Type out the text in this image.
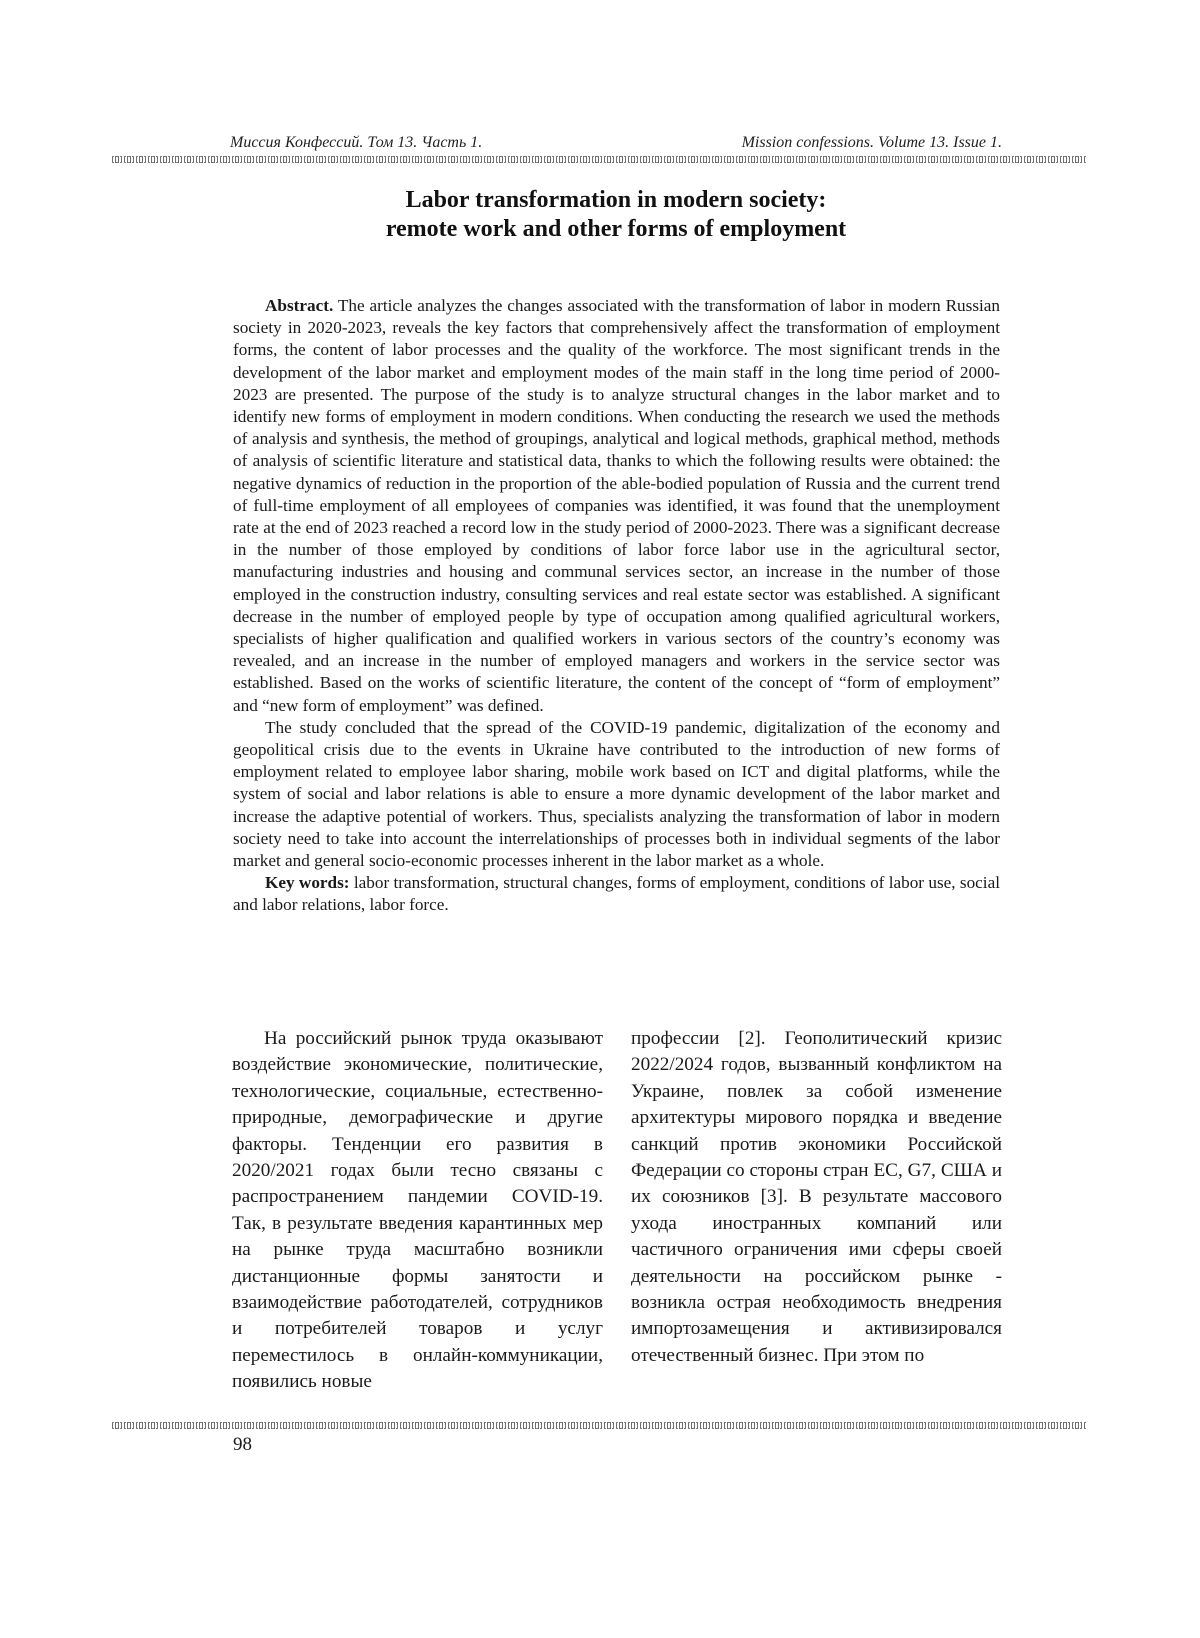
Миссия Конфессий. Том 13. Часть 1.	Mission confessions. Volume 13. Issue 1.
Labor transformation in modern society:
remote work and other forms of employment

Abstract. The article analyzes the changes associated with the transformation of labor in modern Russian society in 2020-2023, reveals the key factors that comprehensively affect the transformation of employment forms, the content of labor processes and the quality of the workforce. The most significant trends in the development of the labor market and employment modes of the main staff in the long time period of 2000-2023 are presented. The purpose of the study is to analyze structural changes in the labor market and to identify new forms of employment in modern conditions. When conducting the research we used the methods of analysis and synthesis, the method of groupings, analytical and logical methods, graphical method, methods of analysis of scientific literature and statistical data, thanks to which the following results were obtained: the negative dynamics of reduction in the proportion of the able-bodied population of Russia and the current trend of full-time employment of all employees of companies was identified, it was found that the unemployment rate at the end of 2023 reached a record low in the study period of 2000-2023. There was a significant decrease in the number of those employed by conditions of labor force labor use in the agricultural sector, manufacturing industries and housing and communal services sector, an increase in the number of those employed in the construction industry, consulting services and real estate sector was established. A significant decrease in the number of employed people by type of occupation among qualified agricultural workers, specialists of higher qualification and qualified workers in various sectors of the country’s economy was revealed, and an increase in the number of employed managers and workers in the service sector was established. Based on the works of scientific literature, the content of the concept of “form of employment” and “new form of employment” was defined.

The study concluded that the spread of the COVID-19 pandemic, digitalization of the economy and geopolitical crisis due to the events in Ukraine have contributed to the introduction of new forms of employment related to employee labor sharing, mobile work based on ICT and digital platforms, while the system of social and labor relations is able to ensure a more dynamic development of the labor market and increase the adaptive potential of workers. Thus, specialists analyzing the transformation of labor in modern society need to take into account the interrelationships of processes both in individual segments of the labor market and general socio-economic processes inherent in the labor market as a whole.

Key words: labor transformation, structural changes, forms of employment, conditions of labor use, social and labor relations, labor force.

На российский рынок труда оказывают воздействие экономические, политические, технологические, социальные, естественно-природные, демографические и другие факторы. Тенденции его развития в 2020/2021 годах были тесно связаны с распространением пандемии COVID-19. Так, в результате введения карантинных мер на рынке труда масштабно возникли дистанционные формы занятости и взаимодействие работодателей, сотрудников и потребителей товаров и услуг переместилось в онлайн-коммуникации, появились новые

профессии [2]. Геополитический кризис 2022/2024 годов, вызванный конфликтом на Украине, повлек за собой изменение архитектуры мирового порядка и введение санкций против экономики Российской Федерации со стороны стран ЕС, G7, США и их союзников [3]. В результате массового ухода иностранных компаний или частичного ограничения ими сферы своей деятельности на российском рынке - возникла острая необходимость внедрения импортозамещения и активизировался отечественный бизнес. При этом по

98
